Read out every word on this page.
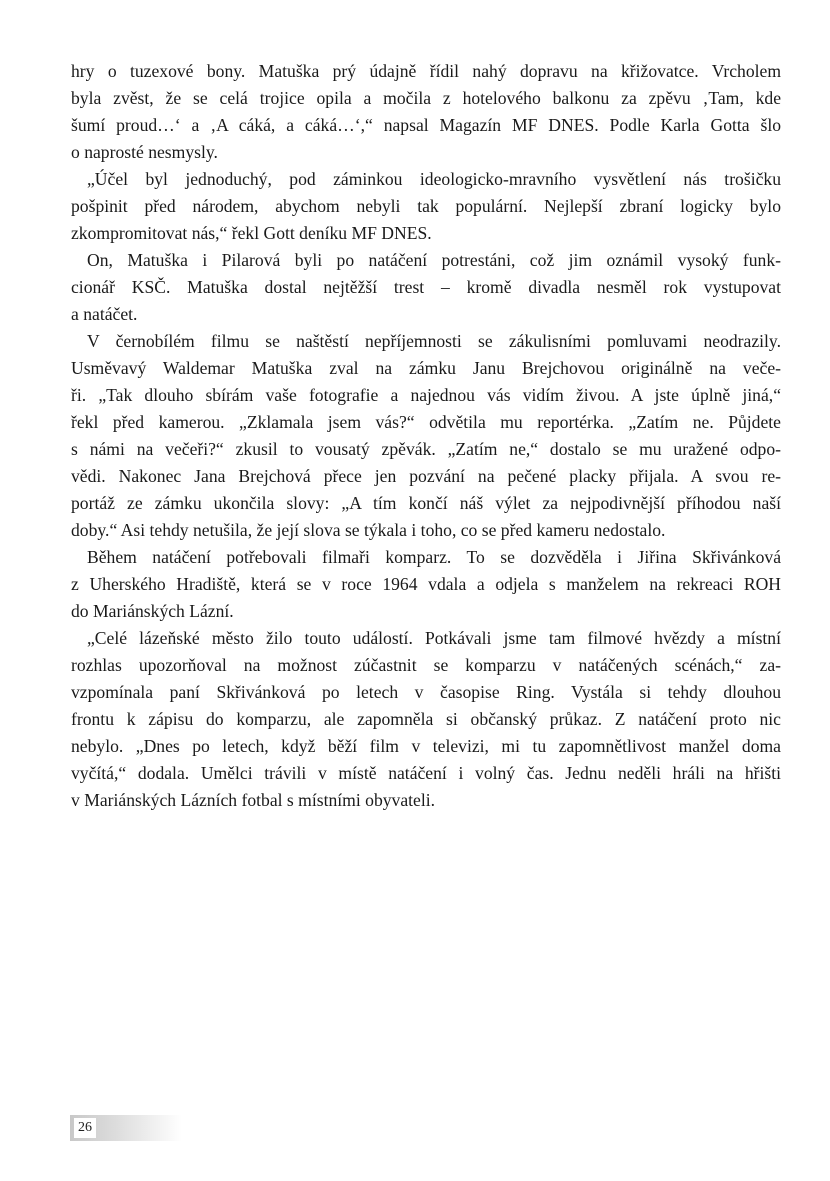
hry o tuzexové bony. Matuška prý údajně řídil nahý dopravu na křižovatce. Vrcholem
byla zvěst, že se celá trojice opila a močila z hotelového balkonu za zpěvu ‚Tam, kde
šumí proud…‘ a ‚A cáká, a cáká…‘,“ napsal Magazín MF DNES. Podle Karla Gotta šlo
o naprosté nesmysly.
„Účel byl jednoduchý, pod záminkou ideologicko-mravního vysvětlení nás trošičku
pošpinit před národem, abychom nebyli tak populární. Nejlepší zbraní logicky bylo
zkompromitovat nás,“ řekl Gott deníku MF DNES.
On, Matuška i Pilarová byli po natáčení potrestáni, což jim oznámil vysoký funk-
cionář KSČ. Matuška dostal nejtěžší trest – kromě divadla nesměl rok vystupovat
a natáčet.
V černobílém filmu se naštěstí nepříjemnosti se zákulisními pomluvami neodrazily.
Usměvavý Waldemar Matuška zval na zámku Janu Brejchovou originálně na veče-
ři. „Tak dlouho sbírám vaše fotografie a najednou vás vidím živou. A jste úplně jiná,“
řekl před kamerou. „Zklamala jsem vás?“ odvětila mu reportérka. „Zatím ne. Půjdete
s námi na večeři?“ zkusil to vousatý zpěvák. „Zatím ne,“ dostalo se mu uražené odpo-
vědi. Nakonec Jana Brejchová přece jen pozvání na pečené placky přijala. A svou re-
portáž ze zámku ukončila slovy: „A tím končí náš výlet za nejpodivnější příhodou naší
doby.“ Asi tehdy netušila, že její slova se týkala i toho, co se před kameru nedostalo.
Během natáčení potřebovali filmaři komparz. To se dozvěděla i Jiřina Skřivánková
z Uherského Hradiště, která se v roce 1964 vdala a odjela s manželem na rekreaci ROH
do Mariánských Lázní.
„Celé lázeňské město žilo touto událostí. Potkávali jsme tam filmové hvězdy a místní
rozhlas upozorňoval na možnost zúčastnit se komparzu v natáčených scénách,“ za-
vzpomínala paní Skřivánková po letech v časopise Ring. Vystála si tehdy dlouhou
frontu k zápisu do komparzu, ale zapomněla si občanský průkaz. Z natáčení proto nic
nebylo. „Dnes po letech, když běží film v televizi, mi tu zapomnětlivost manžel doma
vyčítá,“ dodala. Umělci trávili v místě natáčení i volný čas. Jednu neděli hráli na hřišti
v Mariánských Lázních fotbal s místními obyvateli.
26
